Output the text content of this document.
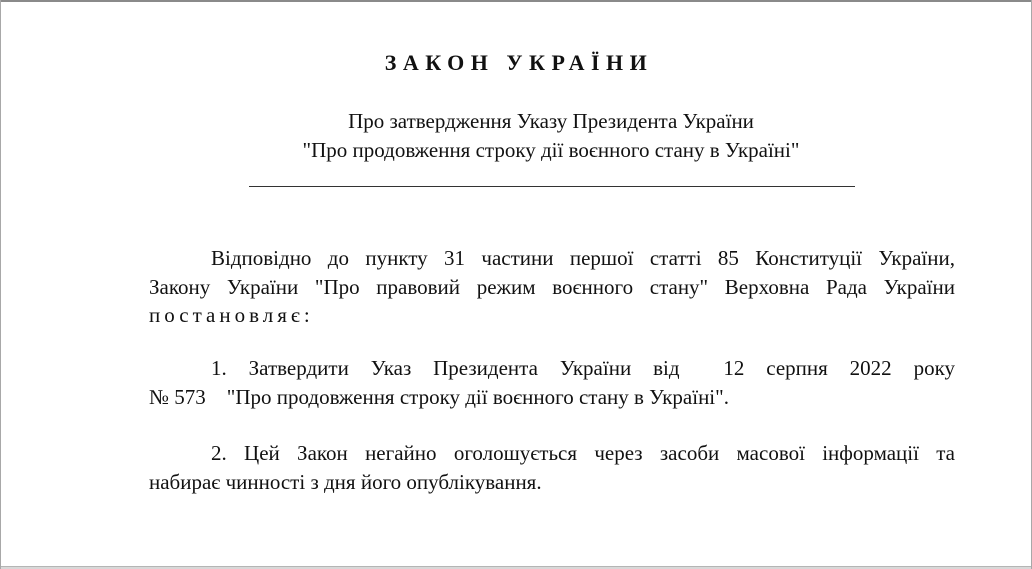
ЗАКОН УКРАЇНИ
Про затвердження Указу Президента України
"Про продовження строку дії воєнного стану в Україні"
Відповідно до пункту 31 частини першої статті 85 Конституції України,
Закону України "Про правовий режим воєнного стану" Верховна Рада України
постановляє:
1. Затвердити Указ Президента України від  12 серпня 2022 року
№ 573    "Про продовження строку дії воєнного стану в Україні".
2. Цей Закон негайно оголошується через засоби масової інформації та
набирає чинності з дня його опублікування.
